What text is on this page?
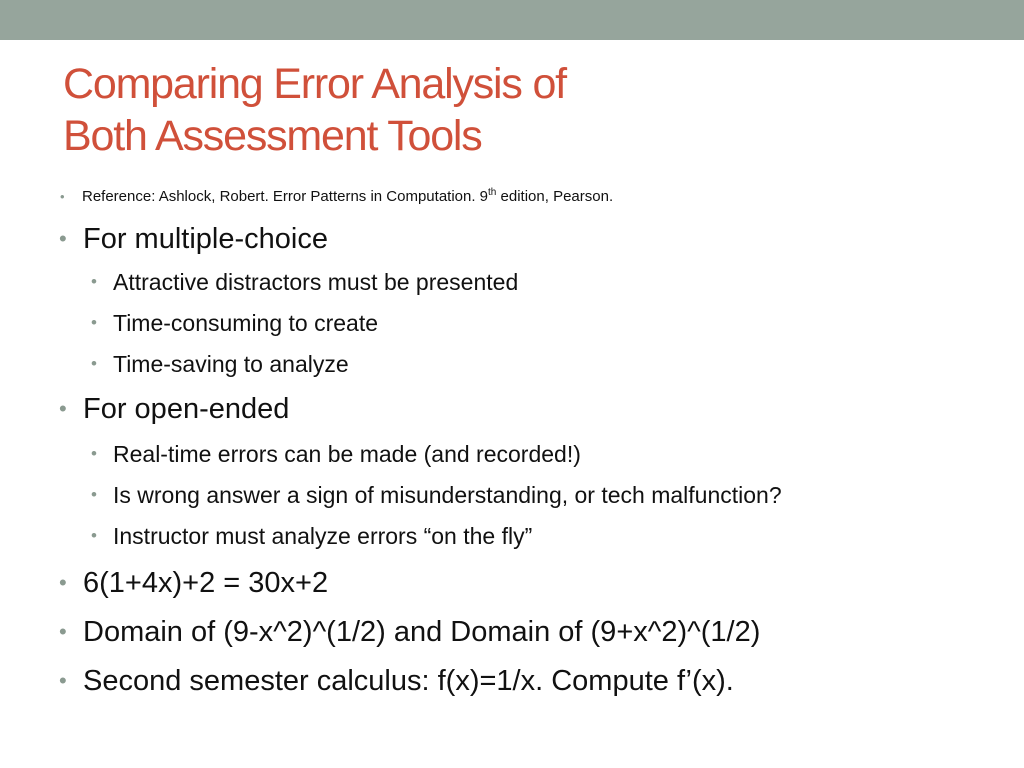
Comparing Error Analysis of
Both Assessment Tools
• Reference: Ashlock, Robert. Error Patterns in Computation. 9th edition, Pearson.
• For multiple-choice
• Attractive distractors must be presented
• Time-consuming to create
• Time-saving to analyze
• For open-ended
• Real-time errors can be made (and recorded!)
• Is wrong answer a sign of misunderstanding, or tech malfunction?
• Instructor must analyze errors “on the fly”
• 6(1+4x)+2 = 30x+2
• Domain of (9-x^2)^(1/2) and Domain of (9+x^2)^(1/2)
• Second semester calculus: f(x)=1/x. Compute f’(x).
